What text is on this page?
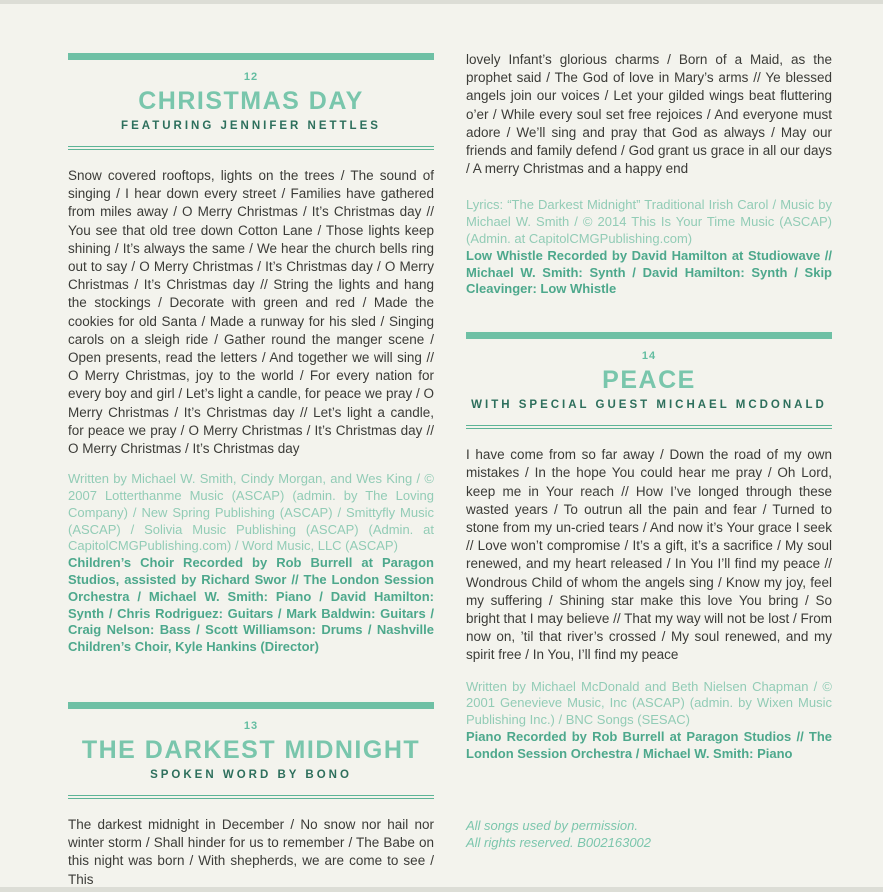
12
CHRISTMAS DAY
FEATURING JENNIFER NETTLES

Snow covered rooftops, lights on the trees / The sound of singing / I hear down every street / Families have gathered from miles away / O Merry Christmas / It’s Christmas day // You see that old tree down Cotton Lane / Those lights keep shining / It’s always the same / We hear the church bells ring out to say / O Merry Christmas / It’s Christmas day / O Merry Christmas / It’s Christmas day // String the lights and hang the stockings / Decorate with green and red / Made the cookies for old Santa / Made a runway for his sled / Singing carols on a sleigh ride / Gather round the manger scene / Open presents, read the letters / And together we will sing // O Merry Christmas, joy to the world / For every nation for every boy and girl / Let’s light a candle, for peace we pray / O Merry Christmas / It’s Christmas day // Let’s light a candle, for peace we pray / O Merry Christmas / It’s Christmas day // O Merry Christmas / It’s Christmas day

Written by Michael W. Smith, Cindy Morgan, and Wes King / © 2007 Lotterthanme Music (ASCAP) (admin. by The Loving Company) / New Spring Publishing (ASCAP) / Smittyfly Music (ASCAP) / Solivia Music Publishing (ASCAP) (Admin. at CapitolCMGPublishing.com) / Word Music, LLC (ASCAP)

Children’s Choir Recorded by Rob Burrell at Paragon Studios, assisted by Richard Swor // The London Session Orchestra / Michael W. Smith: Piano / David Hamilton: Synth / Chris Rodriguez: Guitars / Mark Baldwin: Guitars / Craig Nelson: Bass / Scott Williamson: Drums / Nashville Children’s Choir, Kyle Hankins (Director)

13
THE DARKEST MIDNIGHT
SPOKEN WORD BY BONO

The darkest midnight in December / No snow nor hail nor winter storm / Shall hinder for us to remember / The Babe on this night was born / With shepherds, we are come to see / This

lovely Infant’s glorious charms / Born of a Maid, as the prophet said / The God of love in Mary’s arms // Ye blessed angels join our voices / Let your gilded wings beat fluttering o’er / While every soul set free rejoices / And everyone must adore / We’ll sing and pray that God as always / May our friends and family defend / God grant us grace in all our days / A merry Christmas and a happy end

Lyrics: “The Darkest Midnight” Traditional Irish Carol / Music by Michael W. Smith / © 2014 This Is Your Time Music (ASCAP) (Admin. at CapitolCMGPublishing.com)

Low Whistle Recorded by David Hamilton at Studiowave // Michael W. Smith: Synth / David Hamilton: Synth / Skip Cleavinger: Low Whistle

14
PEACE
WITH SPECIAL GUEST MICHAEL MCDONALD

I have come from so far away / Down the road of my own mistakes / In the hope You could hear me pray / Oh Lord, keep me in Your reach // How I’ve longed through these wasted years / To outrun all the pain and fear / Turned to stone from my un-cried tears / And now it’s Your grace I seek // Love won’t compromise / It’s a gift, it’s a sacrifice / My soul renewed, and my heart released / In You I’ll find my peace // Wondrous Child of whom the angels sing / Know my joy, feel my suffering / Shining star make this love You bring / So bright that I may believe // That my way will not be lost / From now on, ’til that river’s crossed / My soul renewed, and my spirit free / In You, I’ll find my peace

Written by Michael McDonald and Beth Nielsen Chapman / © 2001 Genevieve Music, Inc (ASCAP) (admin. by Wixen Music Publishing Inc.) / BNC Songs (SESAC)

Piano Recorded by Rob Burrell at Paragon Studios // The London Session Orchestra / Michael W. Smith: Piano

All songs used by permission.
All rights reserved. B002163002
